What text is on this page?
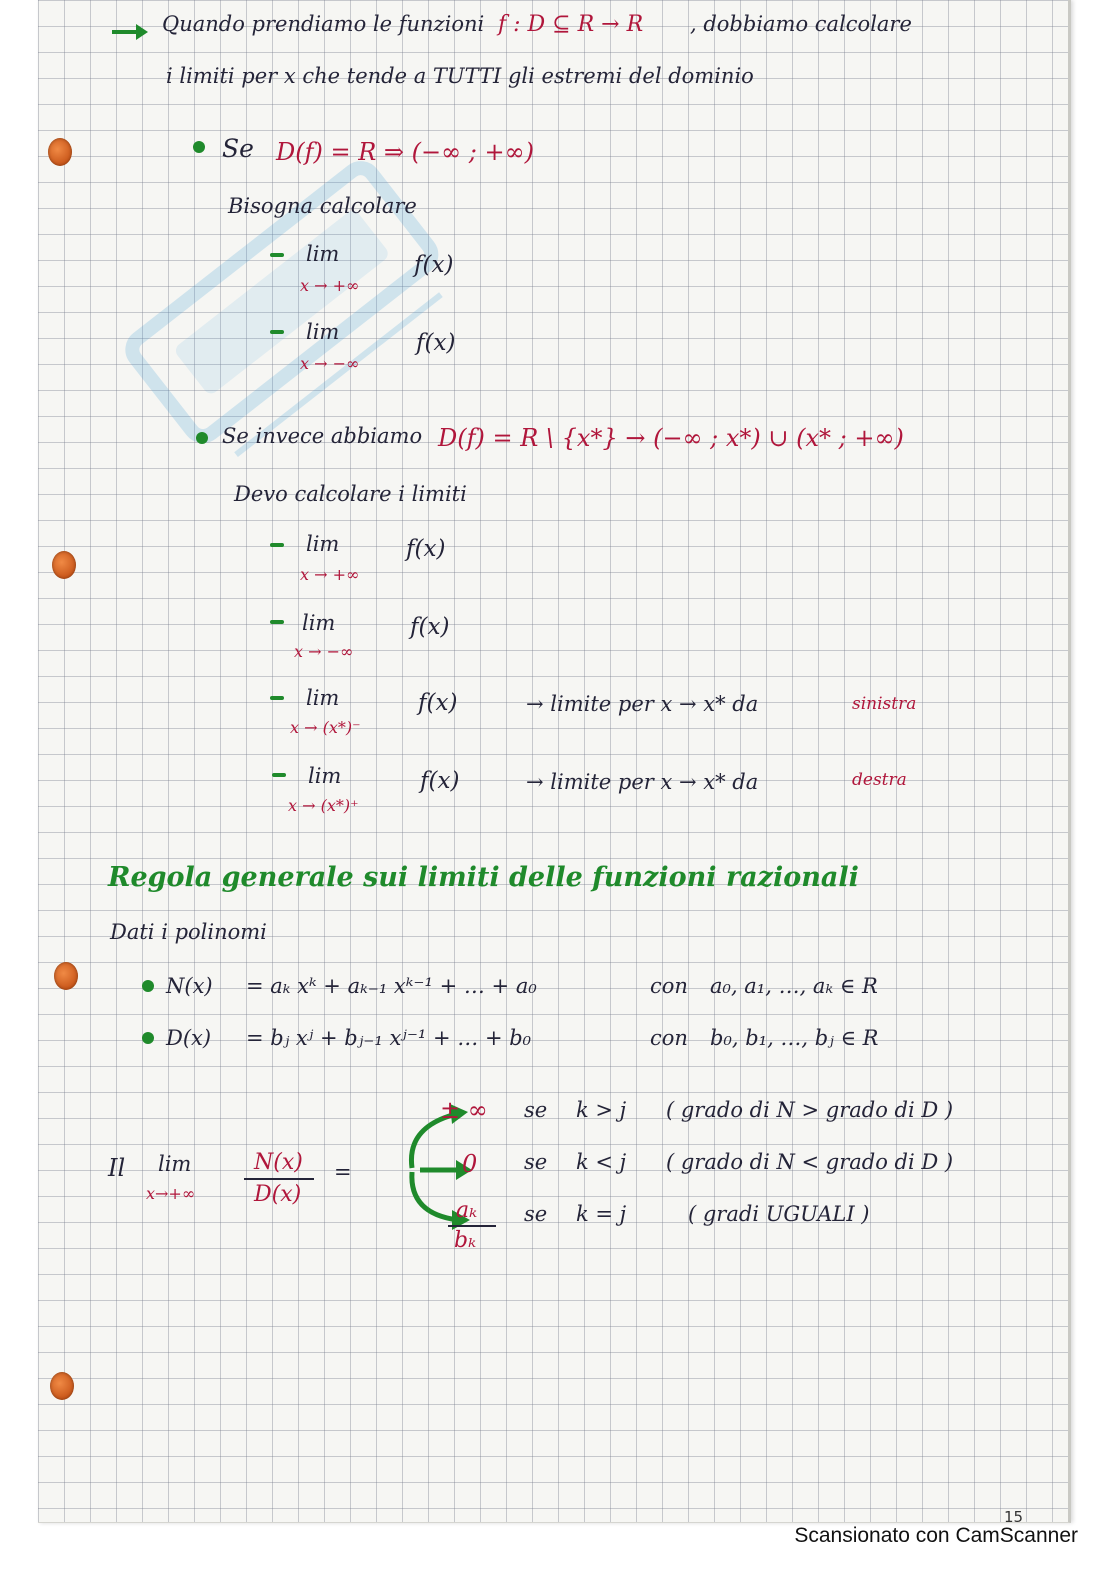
Quando prendiamo le funzioni f : D ⊆ R → R , dobbiamo calcolare
i limiti per x che tende a TUTTI gli estremi del dominio
Se D(f) = R ⇒ (−∞ ; +∞)
Bisogna calcolare
lim
x → +∞
f(x)
lim
x → −∞
f(x)
Se invece abbiamo D(f) = R \ {x*} → (−∞ ; x*) ∪ (x* ; +∞)
Devo calcolare i limiti
lim
x → +∞
f(x)
lim
x → −∞
f(x)
lim
x → (x*)⁻
f(x)	→ limite per x → x* da	sinistra
lim
x → (x*)⁺
f(x)	→ limite per x → x* da	destra
Regola generale sui limiti delle funzioni razionali
Dati i polinomi
N(x) = aₖ xᵏ + aₖ₋₁ xᵏ⁻¹ + … + a₀	con a₀, a₁, …, aₖ ∈ R
D(x) = bⱼ xʲ + bⱼ₋₁ xʲ⁻¹ + … + b₀	con b₀, b₁, …, bⱼ ∈ R
Il lim
x→+∞
N(x)
D(x)
=
± ∞ se k > j ( grado di N > grado di D )
0 se k < j ( grado di N < grado di D )
aₖ
bₖ
se k = j	( gradi UGUALI )
15
Scansionato con CamScanner
